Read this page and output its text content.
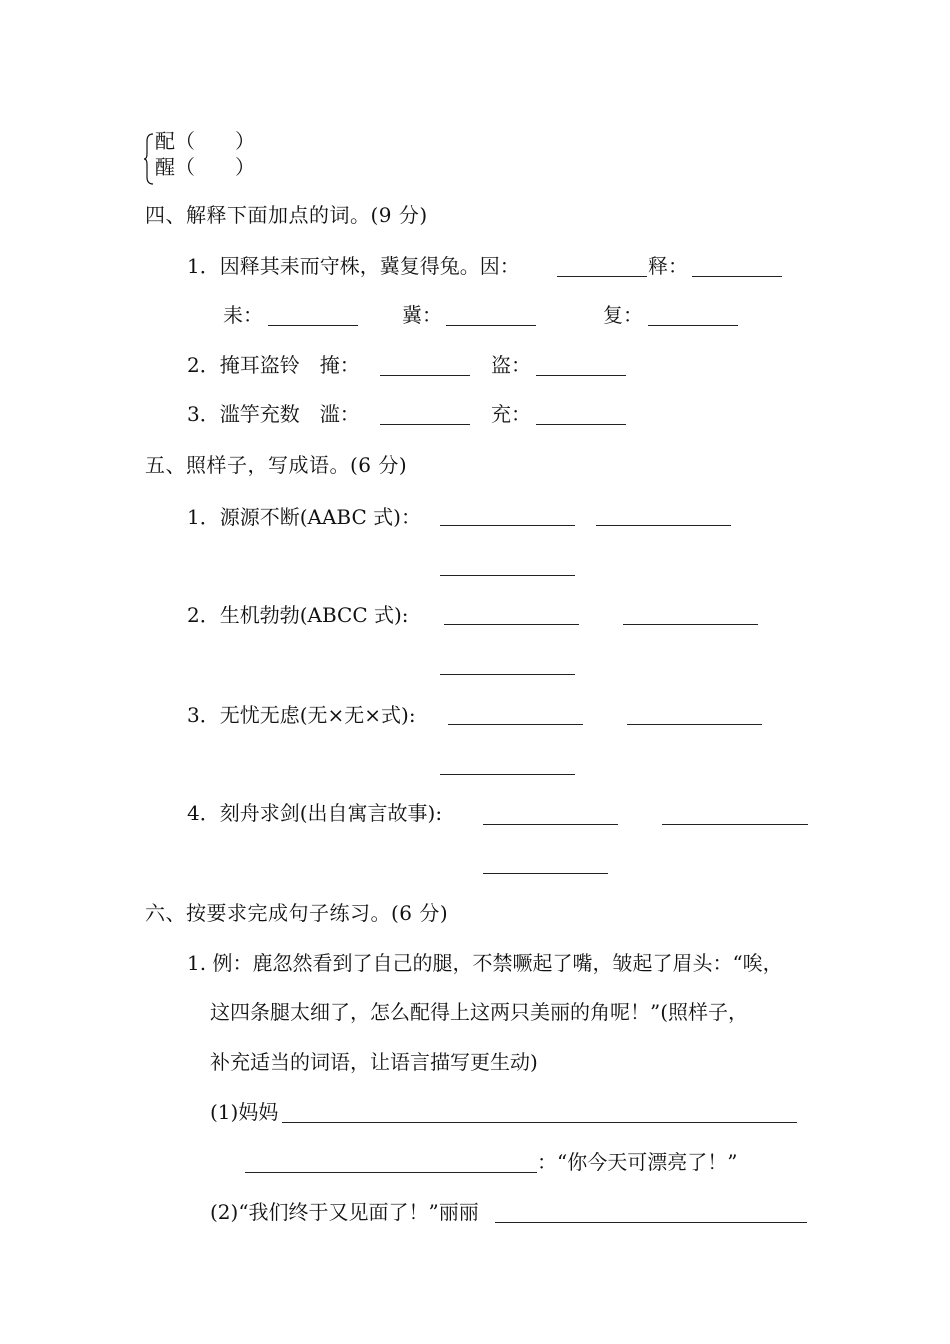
配（　　）
醒（　　）
四、解释下面加点的词。(9 分)
1．因释其耒而守株，冀复得兔。因：	释：
耒：	冀：	复：
2．掩耳盗铃　掩：	盗：
3．滥竽充数　滥：	充：
五、照样子，写成语。(6 分)
1．源源不断(AABC 式)：
2．生机勃勃(ABCC 式):
3．无忧无虑(无×无×式):
4．刻舟求剑(出自寓言故事):
六、按要求完成句子练习。(6 分)
1. 例：鹿忽然看到了自己的腿，不禁噘起了嘴，皱起了眉头：“唉，
这四条腿太细了，怎么配得上这两只美丽的角呢！”(照样子，
补充适当的词语，让语言描写更生动)
(1)妈妈
：“你今天可漂亮了！”
(2)“我们终于又见面了！”丽丽
